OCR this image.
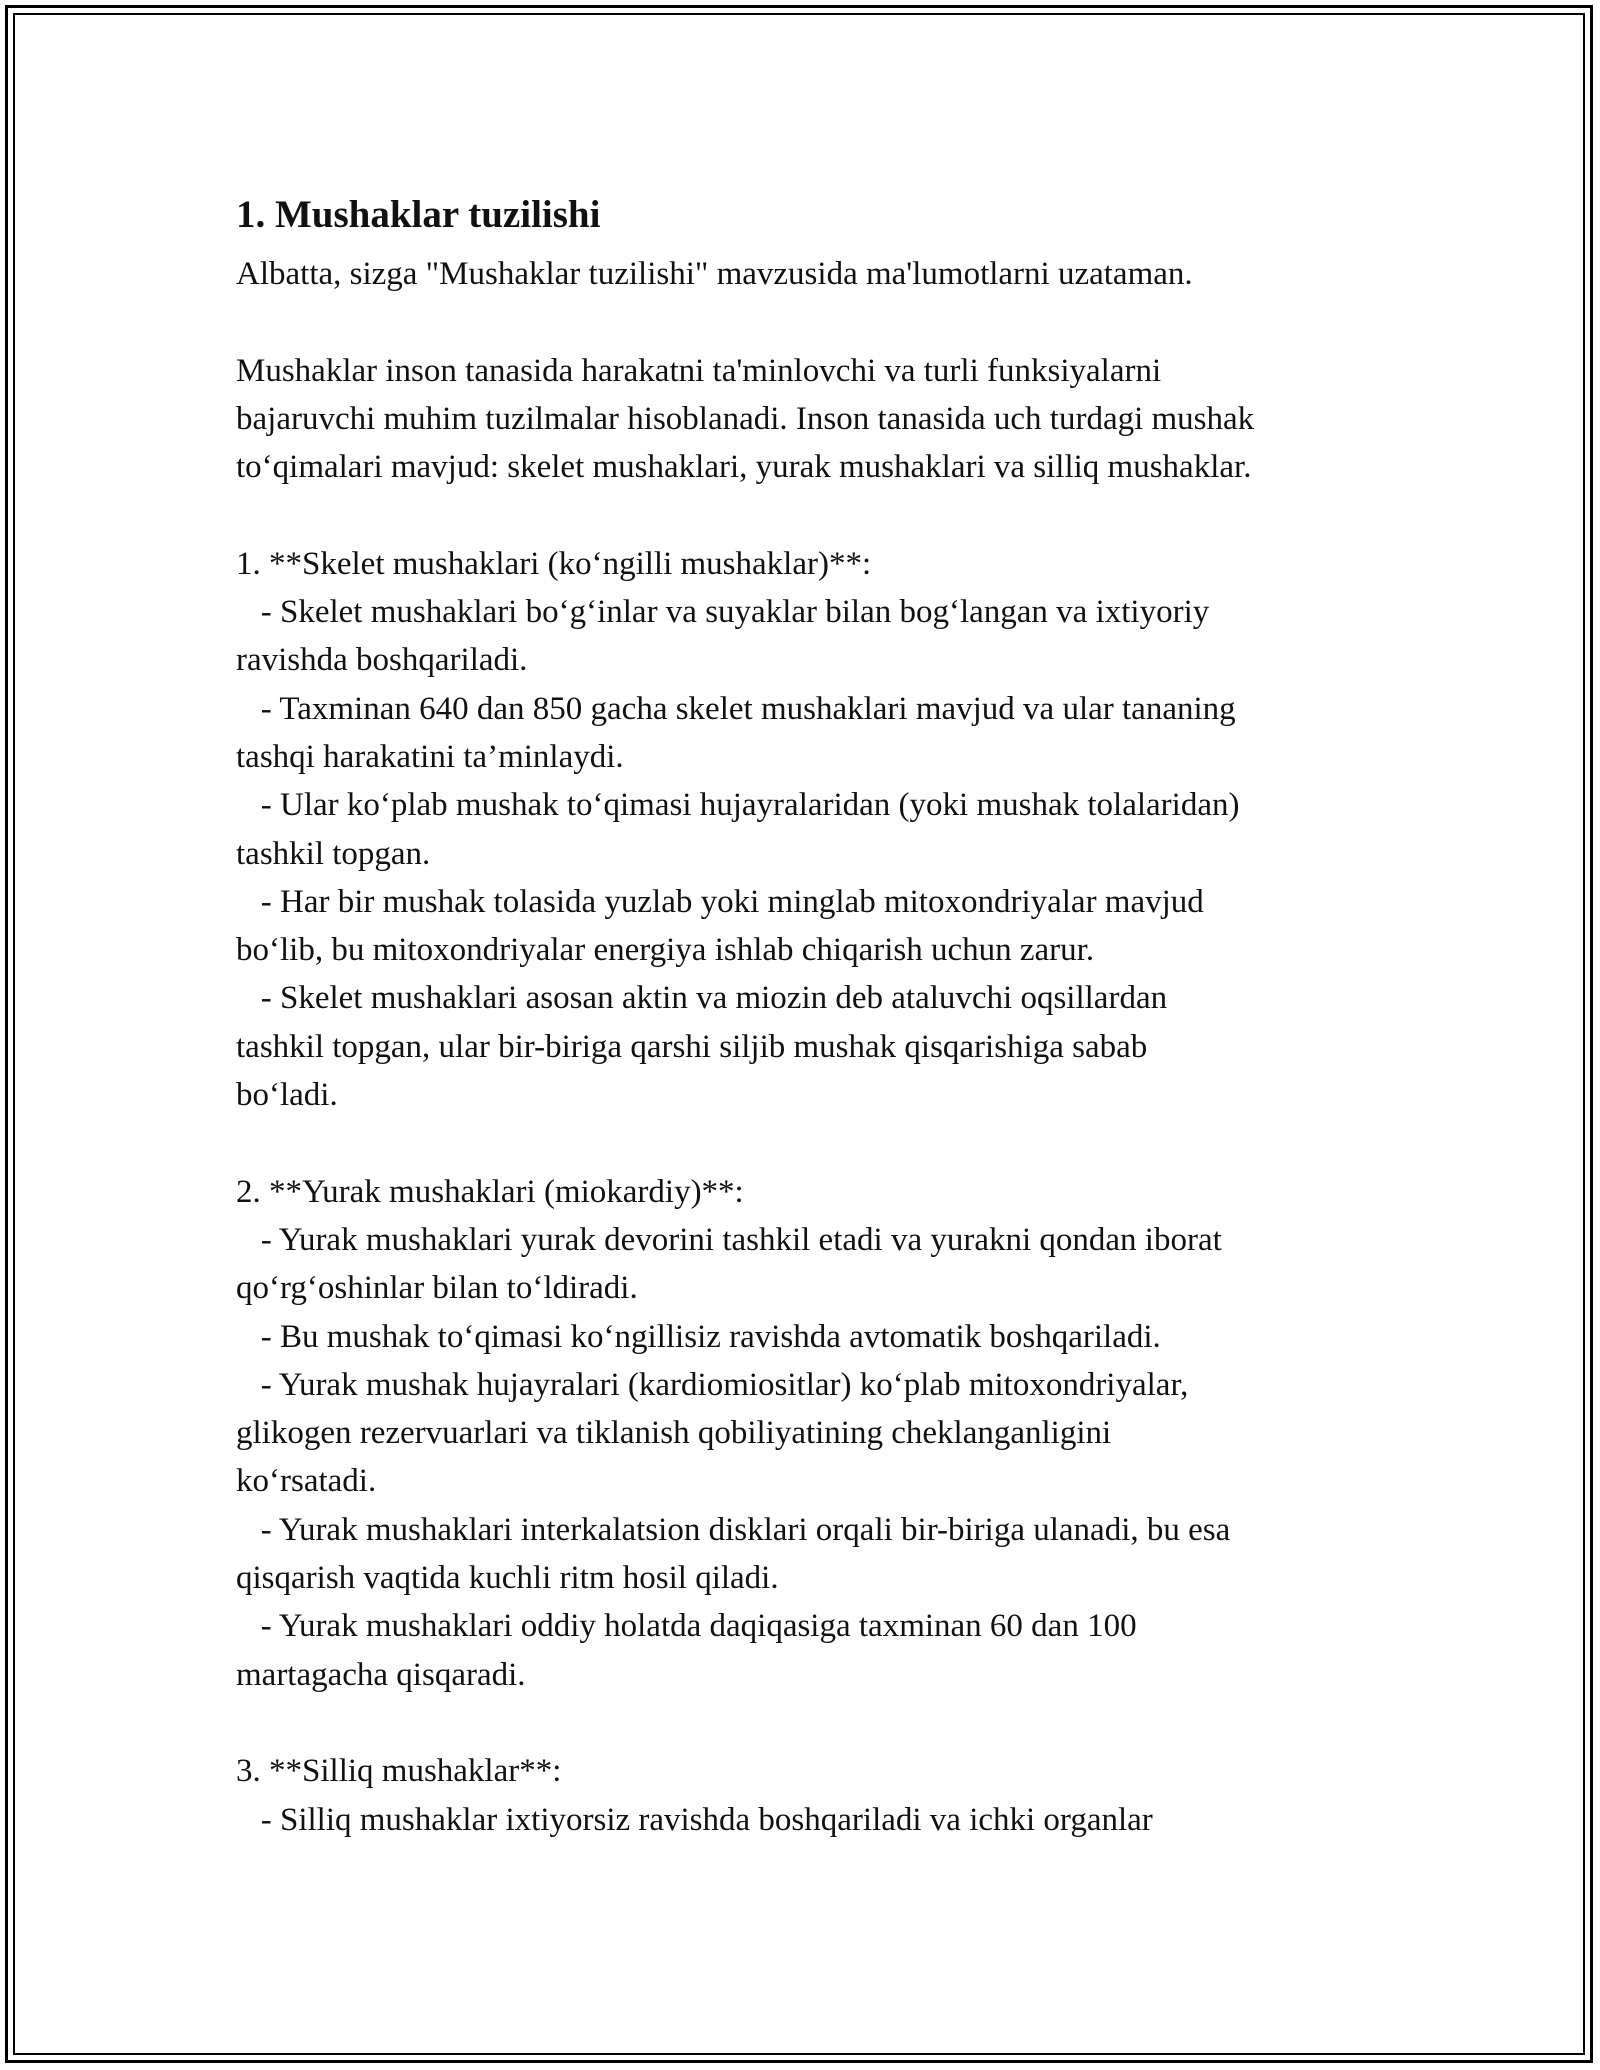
1. Mushaklar tuzilishi

Albatta, sizga "Mushaklar tuzilishi" mavzusida ma'lumotlarni uzataman.

Mushaklar inson tanasida harakatni ta'minlovchi va turli funksiyalarni
bajaruvchi muhim tuzilmalar hisoblanadi. Inson tanasida uch turdagi mushak
to‘qimalari mavjud: skelet mushaklari, yurak mushaklari va silliq mushaklar.

1. **Skelet mushaklari (ko‘ngilli mushaklar)**:

- Skelet mushaklari bo‘g‘inlar va suyaklar bilan bog‘langan va ixtiyoriy
ravishda boshqariladi.

- Taxminan 640 dan 850 gacha skelet mushaklari mavjud va ular tananing
tashqi harakatini ta’minlaydi.

- Ular ko‘plab mushak to‘qimasi hujayralaridan (yoki mushak tolalaridan)
tashkil topgan.

- Har bir mushak tolasida yuzlab yoki minglab mitoxondriyalar mavjud
bo‘lib, bu mitoxondriyalar energiya ishlab chiqarish uchun zarur.

- Skelet mushaklari asosan aktin va miozin deb ataluvchi oqsillardan
tashkil topgan, ular bir-biriga qarshi siljib mushak qisqarishiga sabab
bo‘ladi.

2. **Yurak mushaklari (miokardiy)**:

- Yurak mushaklari yurak devorini tashkil etadi va yurakni qondan iborat
qo‘rg‘oshinlar bilan to‘ldiradi.

- Bu mushak to‘qimasi ko‘ngillisiz ravishda avtomatik boshqariladi.

- Yurak mushak hujayralari (kardiomiositlar) ko‘plab mitoxondriyalar,
glikogen rezervuarlari va tiklanish qobiliyatining cheklanganligini
ko‘rsatadi.

- Yurak mushaklari interkalatsion disklari orqali bir-biriga ulanadi, bu esa
qisqarish vaqtida kuchli ritm hosil qiladi.

- Yurak mushaklari oddiy holatda daqiqasiga taxminan 60 dan 100
martagacha qisqaradi.

3. **Silliq mushaklar**:

- Silliq mushaklar ixtiyorsiz ravishda boshqariladi va ichki organlar
